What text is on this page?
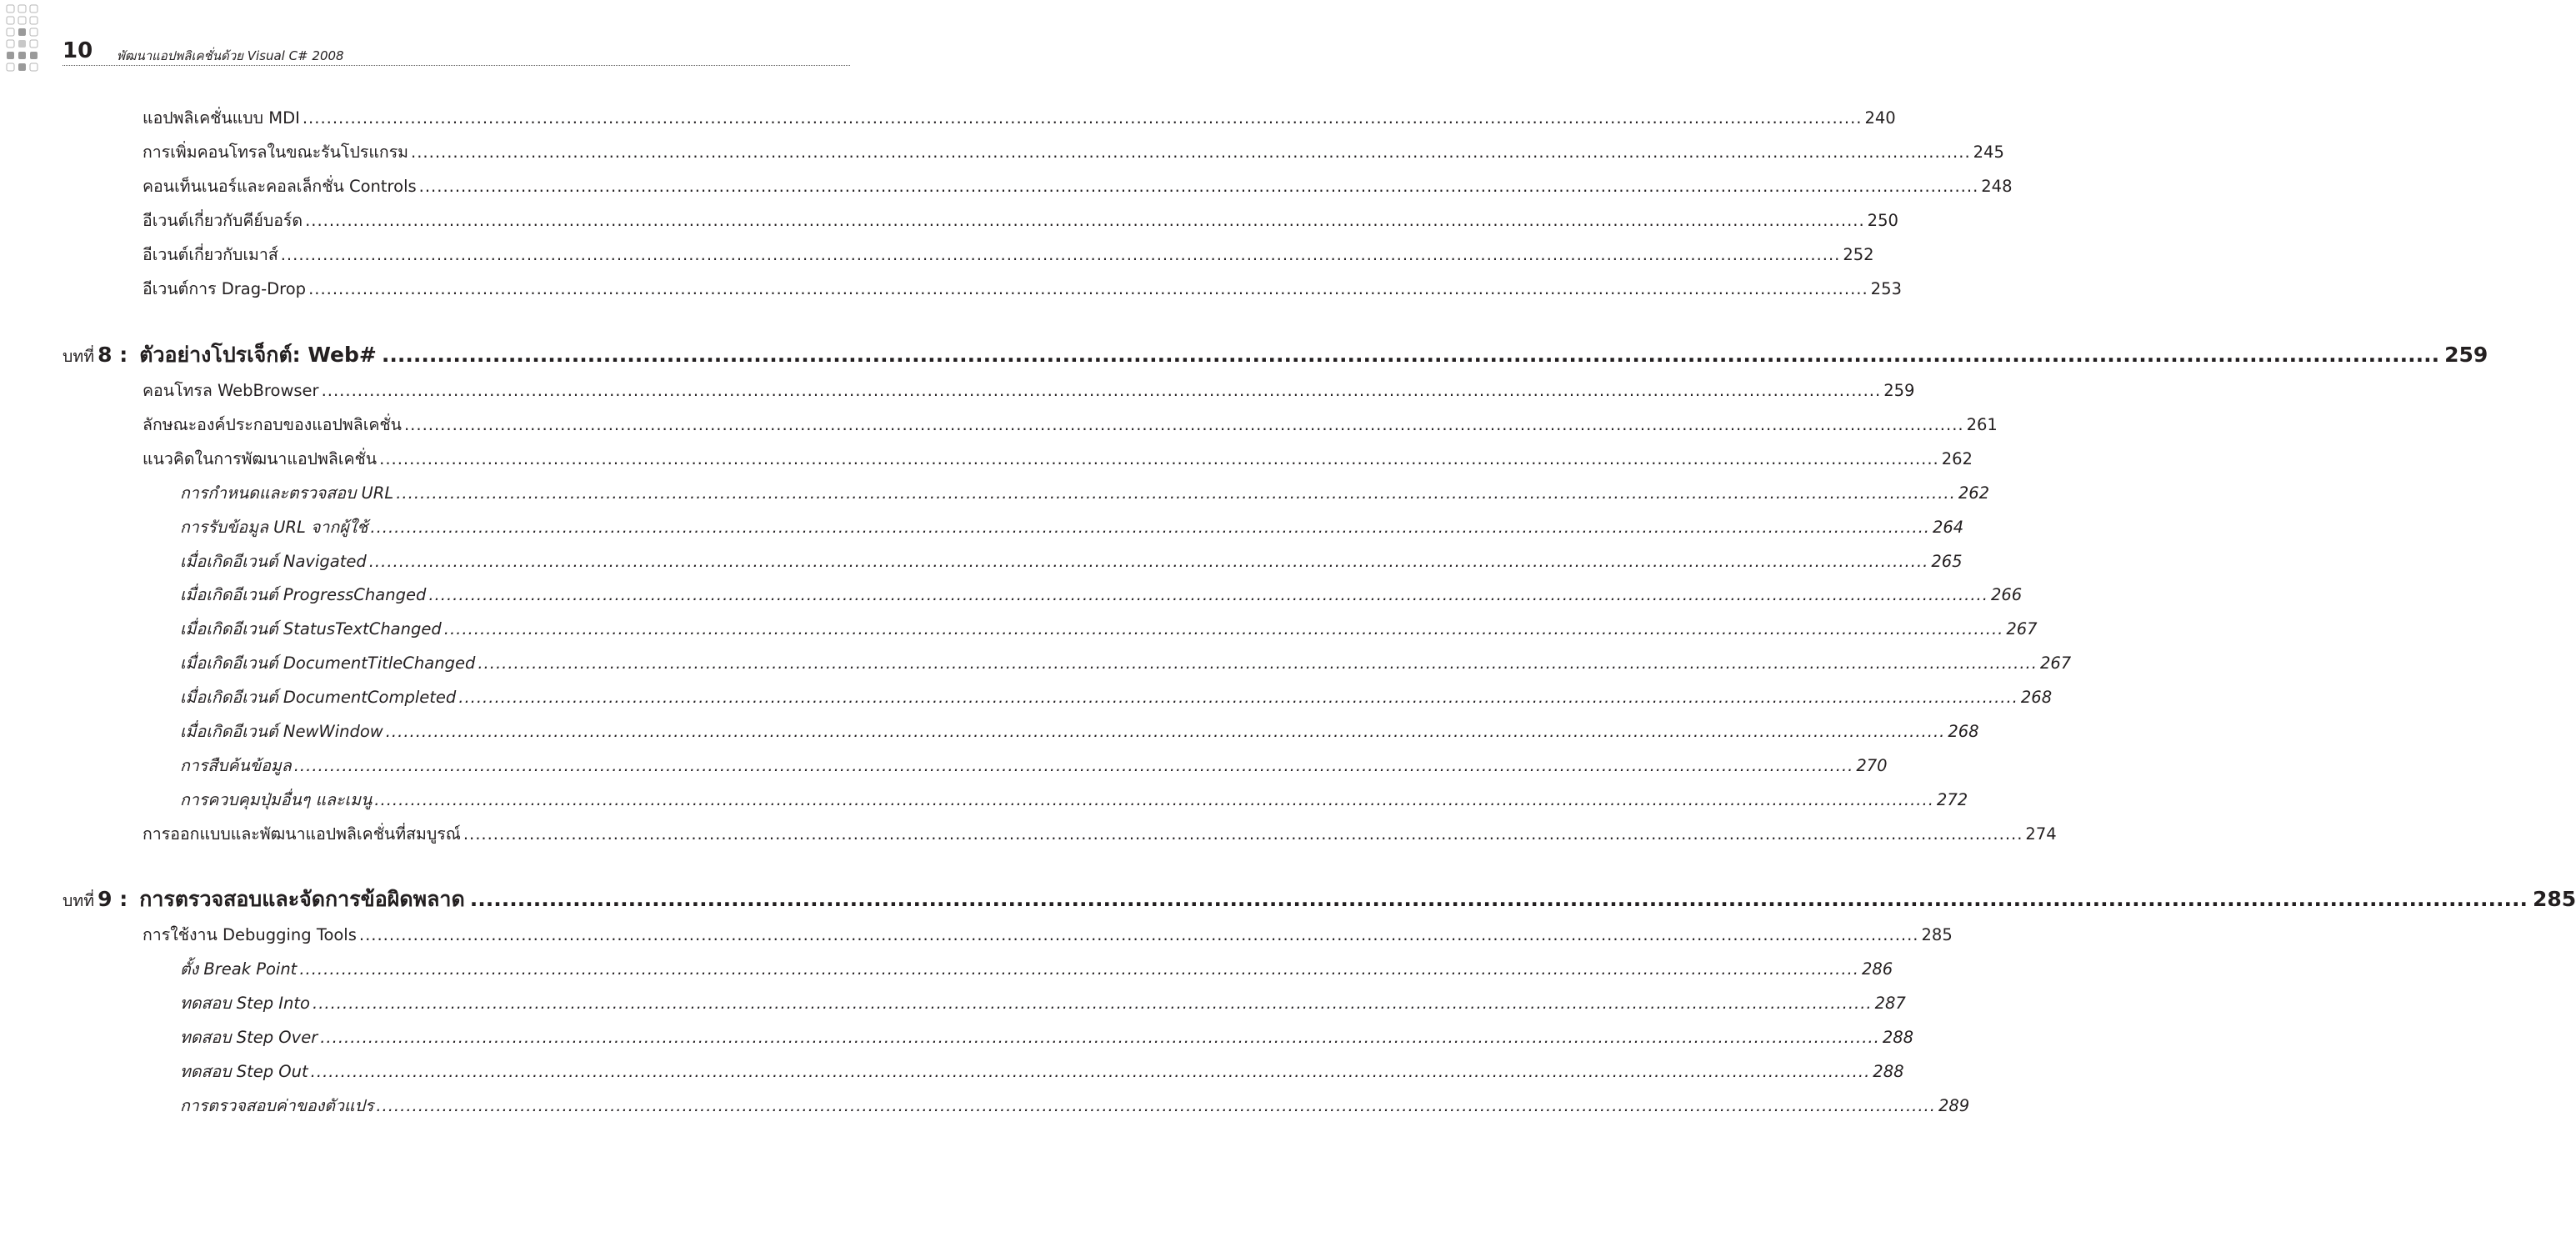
10 พัฒนาแอปพลิเคชั่นด้วย Visual C# 2008
แอปพลิเคชั่นแบบ MDI .................................................................................................................................................................................................................................................................... 240
การเพิ่มคอนโทรลในขณะรันโปรแกรม .................................................................................................................................................................................................................................................................... 245
คอนเท็นเนอร์และคอลเล็กชั่น Controls .................................................................................................................................................................................................................................................................... 248
อีเวนต์เกี่ยวกับคีย์บอร์ด .................................................................................................................................................................................................................................................................... 250
อีเวนต์เกี่ยวกับเมาส์ .................................................................................................................................................................................................................................................................... 252
อีเวนต์การ Drag-Drop .................................................................................................................................................................................................................................................................... 253
บทที่ 8 : ตัวอย่างโปรเจ็กต์: Web# .................................................................................................................................................................................................................................................................... 259
คอนโทรล WebBrowser .................................................................................................................................................................................................................................................................... 259
ลักษณะองค์ประกอบของแอปพลิเคชั่น .................................................................................................................................................................................................................................................................... 261
แนวคิดในการพัฒนาแอปพลิเคชั่น .................................................................................................................................................................................................................................................................... 262
การกำหนดและตรวจสอบ URL .................................................................................................................................................................................................................................................................... 262
การรับข้อมูล URL จากผู้ใช้ .................................................................................................................................................................................................................................................................... 264
เมื่อเกิดอีเวนต์ Navigated .................................................................................................................................................................................................................................................................... 265
เมื่อเกิดอีเวนต์ ProgressChanged .................................................................................................................................................................................................................................................................... 266
เมื่อเกิดอีเวนต์ StatusTextChanged .................................................................................................................................................................................................................................................................... 267
เมื่อเกิดอีเวนต์ DocumentTitleChanged .................................................................................................................................................................................................................................................................... 267
เมื่อเกิดอีเวนต์ DocumentCompleted .................................................................................................................................................................................................................................................................... 268
เมื่อเกิดอีเวนต์ NewWindow .................................................................................................................................................................................................................................................................... 268
การสืบค้นข้อมูล .................................................................................................................................................................................................................................................................... 270
การควบคุมปุ่มอื่นๆ และเมนู .................................................................................................................................................................................................................................................................... 272
การออกแบบและพัฒนาแอปพลิเคชั่นที่สมบูรณ์ .................................................................................................................................................................................................................................................................... 274
บทที่ 9 : การตรวจสอบและจัดการข้อผิดพลาด .................................................................................................................................................................................................................................................................... 285
การใช้งาน Debugging Tools .................................................................................................................................................................................................................................................................... 285
ตั้ง Break Point .................................................................................................................................................................................................................................................................... 286
ทดสอบ Step Into .................................................................................................................................................................................................................................................................... 287
ทดสอบ Step Over .................................................................................................................................................................................................................................................................... 288
ทดสอบ Step Out .................................................................................................................................................................................................................................................................... 288
การตรวจสอบค่าของตัวแปร .................................................................................................................................................................................................................................................................... 289
